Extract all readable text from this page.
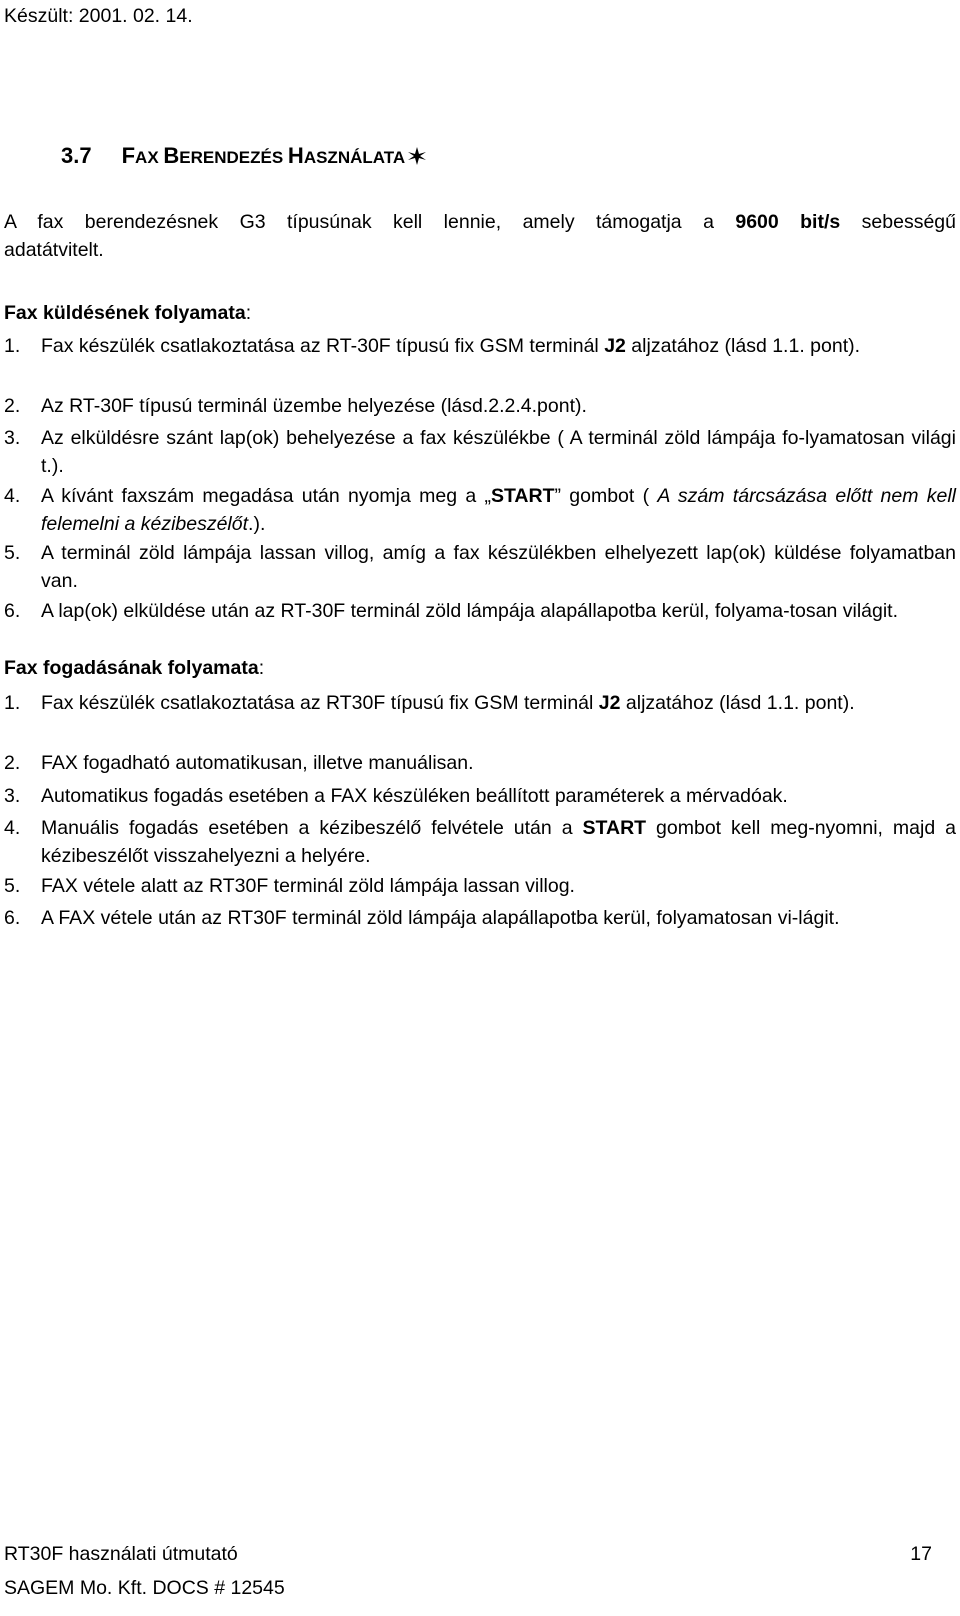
Készült: 2001. 02. 14.
3.7 FAX BERENDEZÉS HASZNÁLATA
A fax berendezésnek G3 típusúnak kell lennie, amely támogatja a 9600 bit/s sebességű
adatátvitelt.
Fax küldésének folyamata:
1. Fax készülék csatlakoztatása az RT-30F típusú fix GSM terminál J2 aljzatához (lásd 1.1. pont).
2. Az RT-30F típusú terminál üzembe helyezése (lásd.2.2.4.pont).
3. Az elküldésre szánt lap(ok) behelyezése a fax készülékbe ( A terminál zöld lámpája fo-lyamatosan világit.).
4. A kívánt faxszám megadása után nyomja meg a „START” gombot ( A szám tárcsázása előtt nem kell felemelni a kézibeszélőt.).
5. A terminál zöld lámpája lassan villog, amíg a fax készülékben elhelyezett lap(ok) küldése folyamatban van.
6. A lap(ok) elküldése után az RT-30F terminál zöld lámpája alapállapotba kerül, folyama-tosan világit.
Fax fogadásának folyamata:
1. Fax készülék csatlakoztatása az RT30F típusú fix GSM terminál J2 aljzatához (lásd 1.1. pont).
2. FAX fogadható automatikusan, illetve manuálisan.
3. Automatikus fogadás esetében a FAX készüléken beállított paraméterek a mérvadóak.
4. Manuális fogadás esetében a kézibeszélő felvétele után a START gombot kell meg-nyomni, majd a kézibeszélőt visszahelyezni a helyére.
5. FAX vétele alatt az RT30F terminál zöld lámpája lassan villog.
6. A FAX vétele után az RT30F terminál zöld lámpája alapállapotba kerül, folyamatosan vi-lágit.
RT30F használati útmutató	17
SAGEM Mo. Kft. DOCS # 12545
